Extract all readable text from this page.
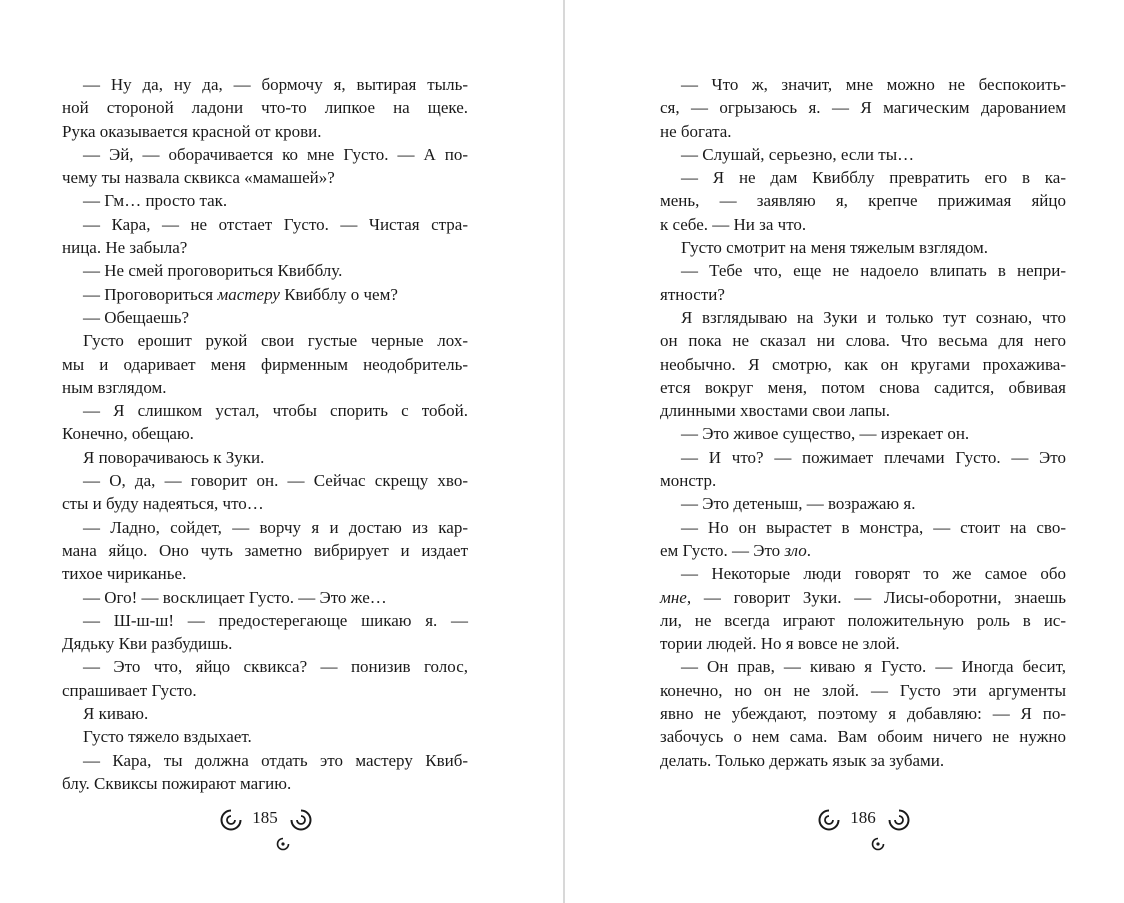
— Ну да, ну да, — бормочу я, вытирая тыль-
ной стороной ладони что-то липкое на щеке.
Рука оказывается красной от крови.
— Эй, — оборачивается ко мне Густо. — А по-
чему ты назвала сквикса «мамашей»?
— Гм… просто так.
— Кара, — не отстает Густо. — Чистая стра-
ница. Не забыла?
— Не смей проговориться Квибблу.
— Проговориться мастеру Квибблу о чем?
— Обещаешь?
Густо ерошит рукой свои густые черные лох-
мы и одаривает меня фирменным неодобритель-
ным взглядом.
— Я слишком устал, чтобы спорить с тобой.
Конечно, обещаю.
Я поворачиваюсь к Зуки.
— О, да, — говорит он. — Сейчас скрещу хво-
сты и буду надеяться, что…
— Ладно, сойдет, — ворчу я и достаю из кар-
мана яйцо. Оно чуть заметно вибрирует и издает
тихое чириканье.
— Ого! — восклицает Густо. — Это же…
— Ш-ш-ш! — предостерегающе шикаю я. —
Дядьку Кви разбудишь.
— Это что, яйцо сквикса? — понизив голос,
спрашивает Густо.
Я киваю.
Густо тяжело вздыхает.
— Кара, ты должна отдать это мастеру Квиб-
блу. Сквиксы пожирают магию.
— Что ж, значит, мне можно не беспокоить-
ся, — огрызаюсь я. — Я магическим дарованием
не богата.
— Слушай, серьезно, если ты…
— Я не дам Квибблу превратить его в ка-
мень, — заявляю я, крепче прижимая яйцо
к себе. — Ни за что.
Густо смотрит на меня тяжелым взглядом.
— Тебе что, еще не надоело влипать в непри-
ятности?
Я взглядываю на Зуки и только тут сознаю, что
он пока не сказал ни слова. Что весьма для него
необычно. Я смотрю, как он кругами прохажива-
ется вокруг меня, потом снова садится, обвивая
длинными хвостами свои лапы.
— Это живое существо, — изрекает он.
— И что? — пожимает плечами Густо. — Это
монстр.
— Это детеныш, — возражаю я.
— Но он вырастет в монстра, — стоит на сво-
ем Густо. — Это зло.
— Некоторые люди говорят то же самое обо
мне, — говорит Зуки. — Лисы-оборотни, знаешь
ли, не всегда играют положительную роль в ис-
тории людей. Но я вовсе не злой.
— Он прав, — киваю я Густо. — Иногда бесит,
конечно, но он не злой. — Густо эти аргументы
явно не убеждают, поэтому я добавляю: — Я по-
забочусь о нем сама. Вам обоим ничего не нужно
делать. Только держать язык за зубами.
185	186
